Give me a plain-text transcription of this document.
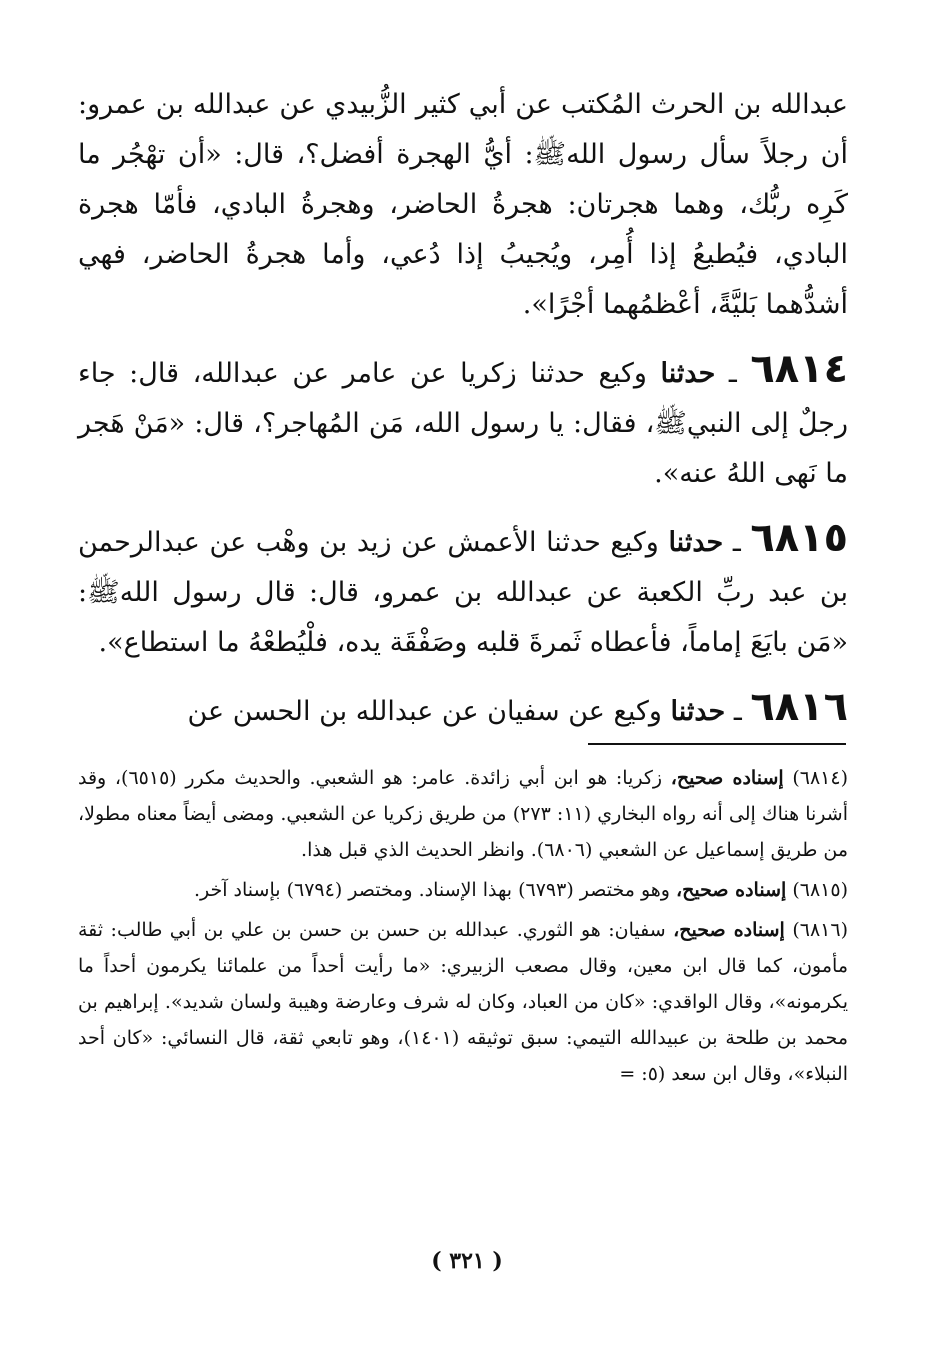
عبدالله بن الحرث المُكتب عن أبي كثير الزُّبيدي عن عبدالله بن عمرو: أن رجلاً سأل رسول اللهﷺ: أيُّ الهجرة أفضل؟، قال: «أن تهْجُر ما كَرِه ربُّك، وهما هجرتان: هجرةُ الحاضر، وهجرةُ البادي، فأمّا هجرة البادي، فيُطيعُ إذا أُمِر، ويُجيبُ إذا دُعي، وأما هجرةُ الحاضر، فهي أشدُّهما بَليَّةً، أعْظمُهما أجْرًا».

٦٨١٤ ـ حدثنا وكيع حدثنا زكريا عن عامر عن عبدالله، قال: جاء رجلٌ إلى النبيﷺ، فقال: يا رسول الله، مَن المُهاجر؟، قال: «مَنْ هَجر ما نَهى اللهُ عنه».

٦٨١٥ ـ حدثنا وكيع حدثنا الأعمش عن زيد بن وهْب عن عبدالرحمن بن عبد ربِّ الكعبة عن عبدالله بن عمرو، قال: قال رسول اللهﷺ: «مَن بايَعَ إماماً، فأعطاه ثَمرةَ قلبه وصَفْقَة يده، فلْيُطعْهُ ما استطاع».

٦٨١٦ ـ حدثنا وكيع عن سفيان عن عبدالله بن الحسن عن

(٦٨١٤) إسناده صحيح، زكريا: هو ابن أبي زائدة. عامر: هو الشعبي. والحديث مكرر (٦٥١٥)، وقد أشرنا هناك إلى أنه رواه البخاري (١١: ٢٧٣) من طريق زكريا عن الشعبي. ومضى أيضاً معناه مطولا، من طريق إسماعيل عن الشعبي (٦٨٠٦). وانظر الحديث الذي قبل هذا.

(٦٨١٥) إسناده صحيح، وهو مختصر (٦٧٩٣) بهذا الإسناد. ومختصر (٦٧٩٤) بإسناد آخر.

(٦٨١٦) إسناده صحيح، سفيان: هو الثوري. عبدالله بن حسن بن حسن بن علي بن أبي طالب: ثقة مأمون، كما قال ابن معين، وقال مصعب الزبيري: «ما رأيت أحداً من علمائنا يكرمون أحداً ما يكرمونه»، وقال الواقدي: «كان من العباد، وكان له شرف وعارضة وهيبة ولسان شديد». إبراهيم بن محمد بن طلحة بن عبيدالله التيمي: سبق توثيقه (١٤٠١)، وهو تابعي ثقة، قال النسائي: «كان أحد النبلاء»، وقال ابن سعد (٥: =

( ٣٢١ )
